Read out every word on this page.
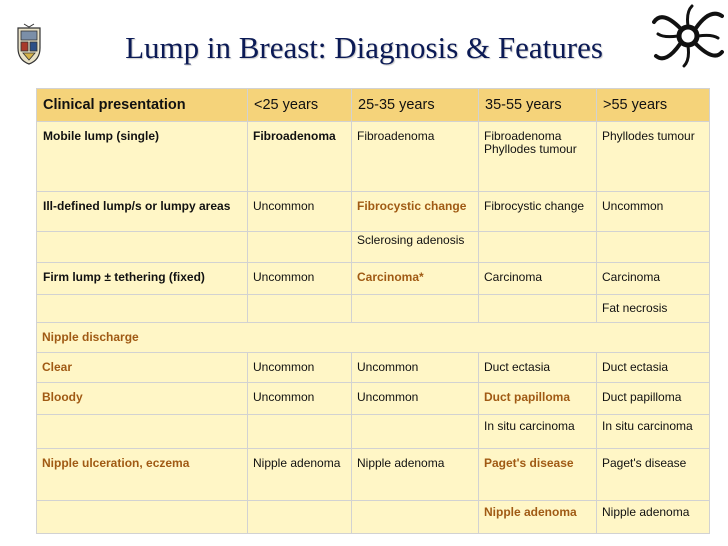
Lump in Breast: Diagnosis & Features
Clinical presentation	<25 years	25-35 years	35-55 years	>55 years
Mobile lump (single)	Fibroadenoma	Fibroadenoma	Fibroadenoma Phyllodes tumour	Phyllodes tumour

Ill-defined lump/s or lumpy areas	Uncommon	Fibrocystic change	Fibrocystic change	Uncommon

		Sclerosing adenosis		

Firm lump ± tethering (fixed)	Uncommon	Carcinoma*	Carcinoma	Carcinoma
				Fat necrosis
Nipple discharge				
Clear	Uncommon	Uncommon	Duct ectasia	Duct ectasia
Bloody	Uncommon	Uncommon	Duct papilloma	Duct papilloma
			In situ carcinoma	In situ carcinoma

Nipple ulceration, eczema	Nipple adenoma	Nipple adenoma	Paget's disease	Paget's disease

			Nipple adenoma	Nipple adenoma
